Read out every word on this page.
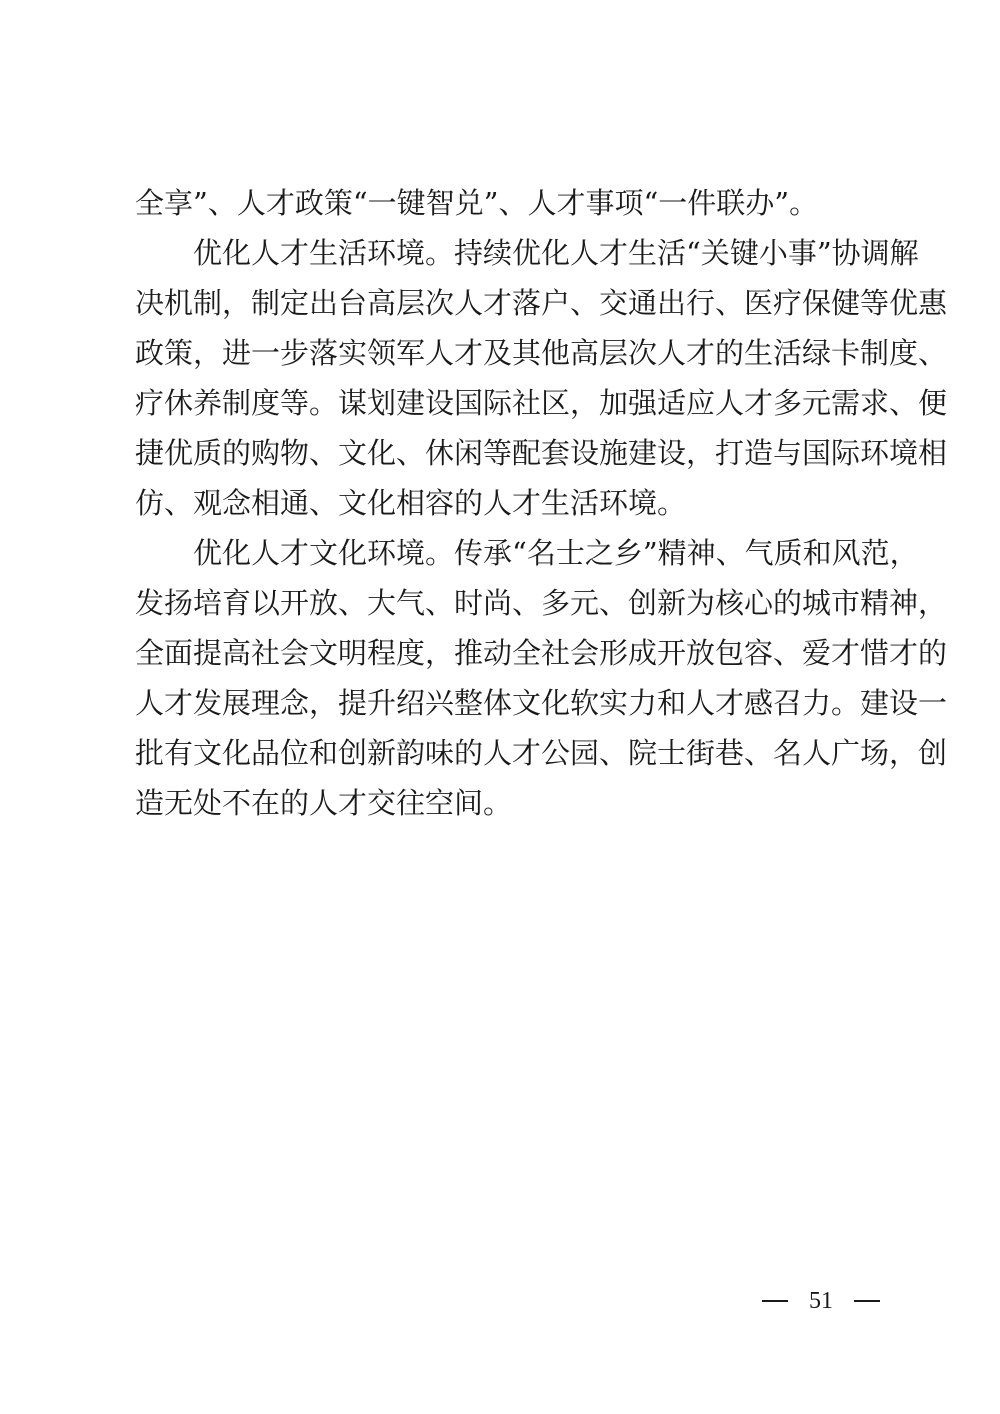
全享”、人才政策“一键智兑”、人才事项“一件联办”。
优化人才生活环境。持续优化人才生活“关键小事”协调解
决机制，制定出台高层次人才落户、交通出行、医疗保健等优惠
政策，进一步落实领军人才及其他高层次人才的生活绿卡制度、
疗休养制度等。谋划建设国际社区，加强适应人才多元需求、便
捷优质的购物、文化、休闲等配套设施建设，打造与国际环境相
仿、观念相通、文化相容的人才生活环境。
优化人才文化环境。传承“名士之乡”精神、气质和风范，
发扬培育以开放、大气、时尚、多元、创新为核心的城市精神，
全面提高社会文明程度，推动全社会形成开放包容、爱才惜才的
人才发展理念，提升绍兴整体文化软实力和人才感召力。建设一
批有文化品位和创新韵味的人才公园、院士街巷、名人广场，创
造无处不在的人才交往空间。
51
